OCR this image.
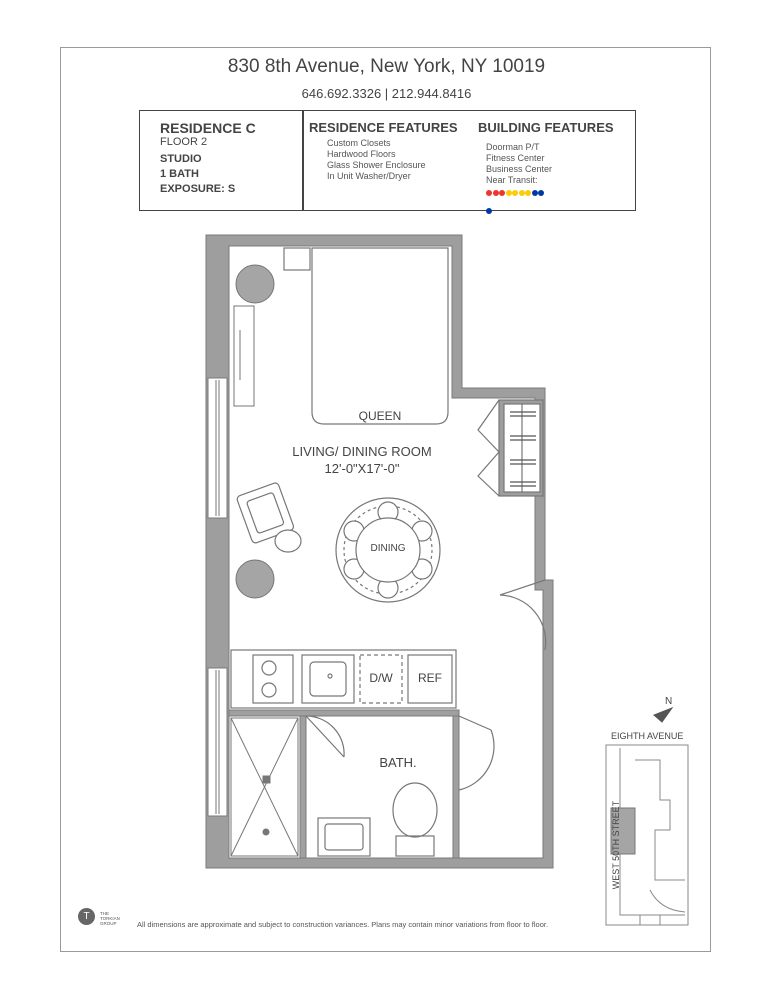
830 8th Avenue, New York, NY 10019
646.692.3326 | 212.944.8416
RESIDENCE C
FLOOR 2
STUDIO
1 BATH
EXPOSURE: S
RESIDENCE FEATURES
Custom Closets
Hardwood Floors
Glass Shower Enclosure
In Unit Washer/Dryer
BUILDING FEATURES
Doorman P/T
Fitness Center
Business Center
Near Transit:
QUEEN
LIVING/ DINING ROOM
12'-0"X17'-0"
DINING
D/W	REF
BATH.
N
EIGHTH AVENUE
WEST 50TH STREET
T	THE TORKIAN GROUP	All dimensions are approximate and subject to construction variances. Plans may contain minor variations from floor to floor.
